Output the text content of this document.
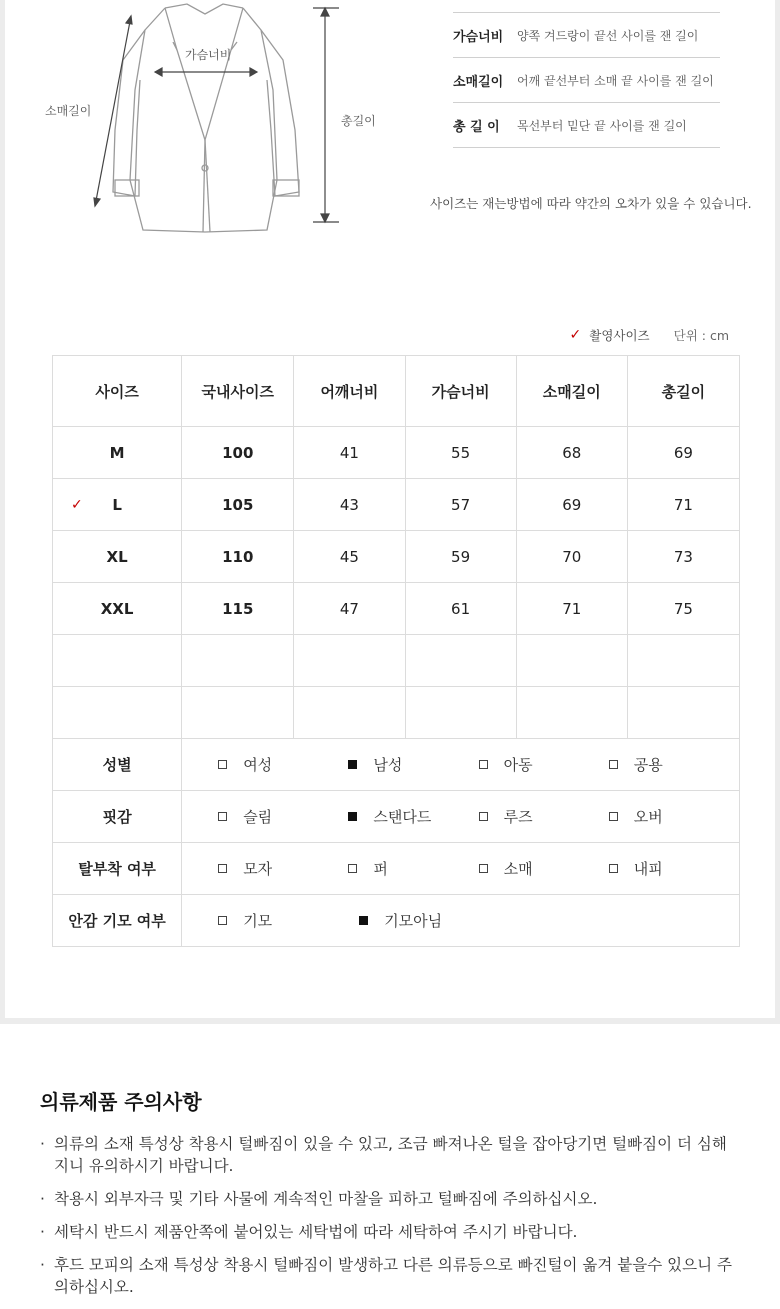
소매길이
가슴너비
총길이
가슴너비	양쪽 겨드랑이 끝선 사이를 잰 길이
소매길이	어깨 끝선부터 소매 끝 사이를 잰 길이
총 길 이	목선부터 밑단 끝 사이를 잰 길이
사이즈는 재는방법에 따라 약간의 오차가 있을 수 있습니다.
✓ 촬영사이즈 단위 : cm
사이즈	국내사이즈	어깨너비	가슴너비	소매길이	총길이
M	100	41	55	68	69

✓ L	105	43	57	69	71
XL	110	45	59	70	73
XXL	115	47	61	71	75

성별	여성 남성 아동 공용				

핏감	슬림 스탠다드 루즈 오버				

탈부착 여부	모자 퍼 소매 내피				

안감 기모 여부	기모 기모아님				
의류제품 주의사항
· 의류의 소재 특성상 착용시 털빠짐이 있을 수 있고, 조금 빠져나온 털을 잡아당기면 털빠짐이 더 심해지니 유의하시기 바랍니다.
· 착용시 외부자극 및 기타 사물에 계속적인 마찰을 피하고 털빠짐에 주의하십시오.
· 세탁시 반드시 제품안쪽에 붙어있는 세탁법에 따라 세탁하여 주시기 바랍니다.
· 후드 모피의 소재 특성상 착용시 털빠짐이 발생하고 다른 의류등으로 빠진털이 옮겨 붙을수 있으니 주의하십시오.
